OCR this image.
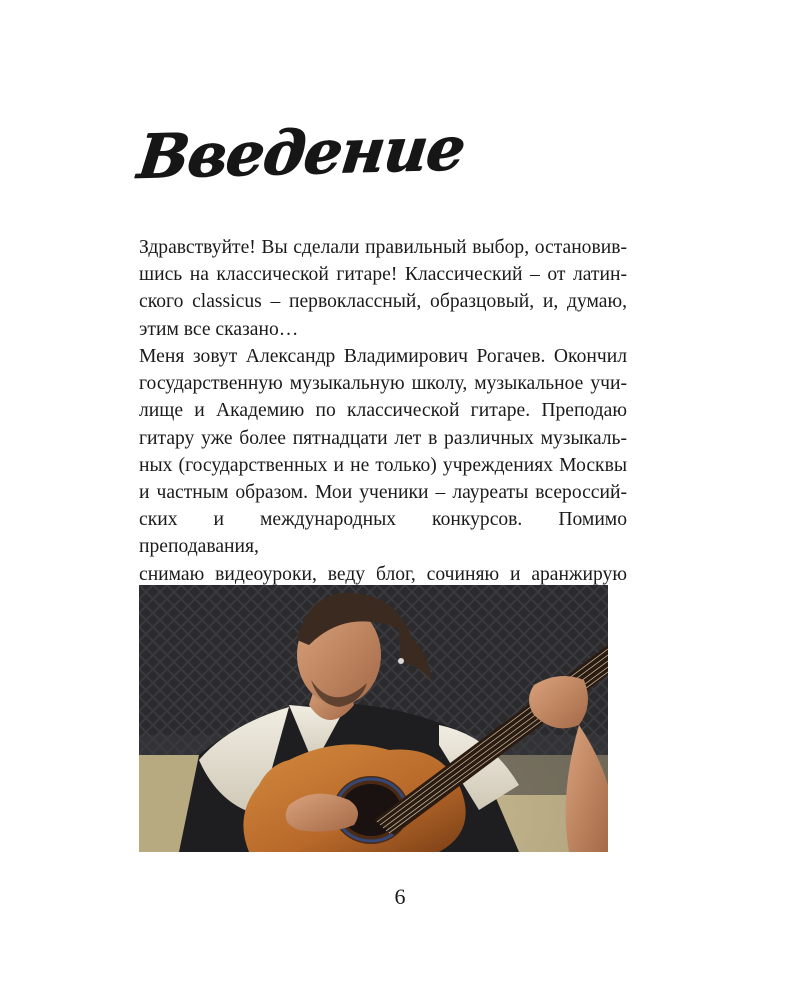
Введение

Здравствуйте! Вы сделали правильный выбор, остановив-
шись на классической гитаре! Классический – от латин-
ского classicus – первоклассный, образцовый, и, думаю,
этим все сказано…

Меня зовут Александр Владимирович Рогачев. Окончил
государственную музыкальную школу, музыкальное учи-
лище и Академию по классической гитаре. Преподаю
гитару уже более пятнадцати лет в различных музыкаль-
ных (государственных и не только) учреждениях Москвы
и частным образом. Мои ученики – лауреаты всероссий-
ских и международных конкурсов. Помимо преподавания,
снимаю видеоуроки, веду блог, сочиняю и аранжирую

6
